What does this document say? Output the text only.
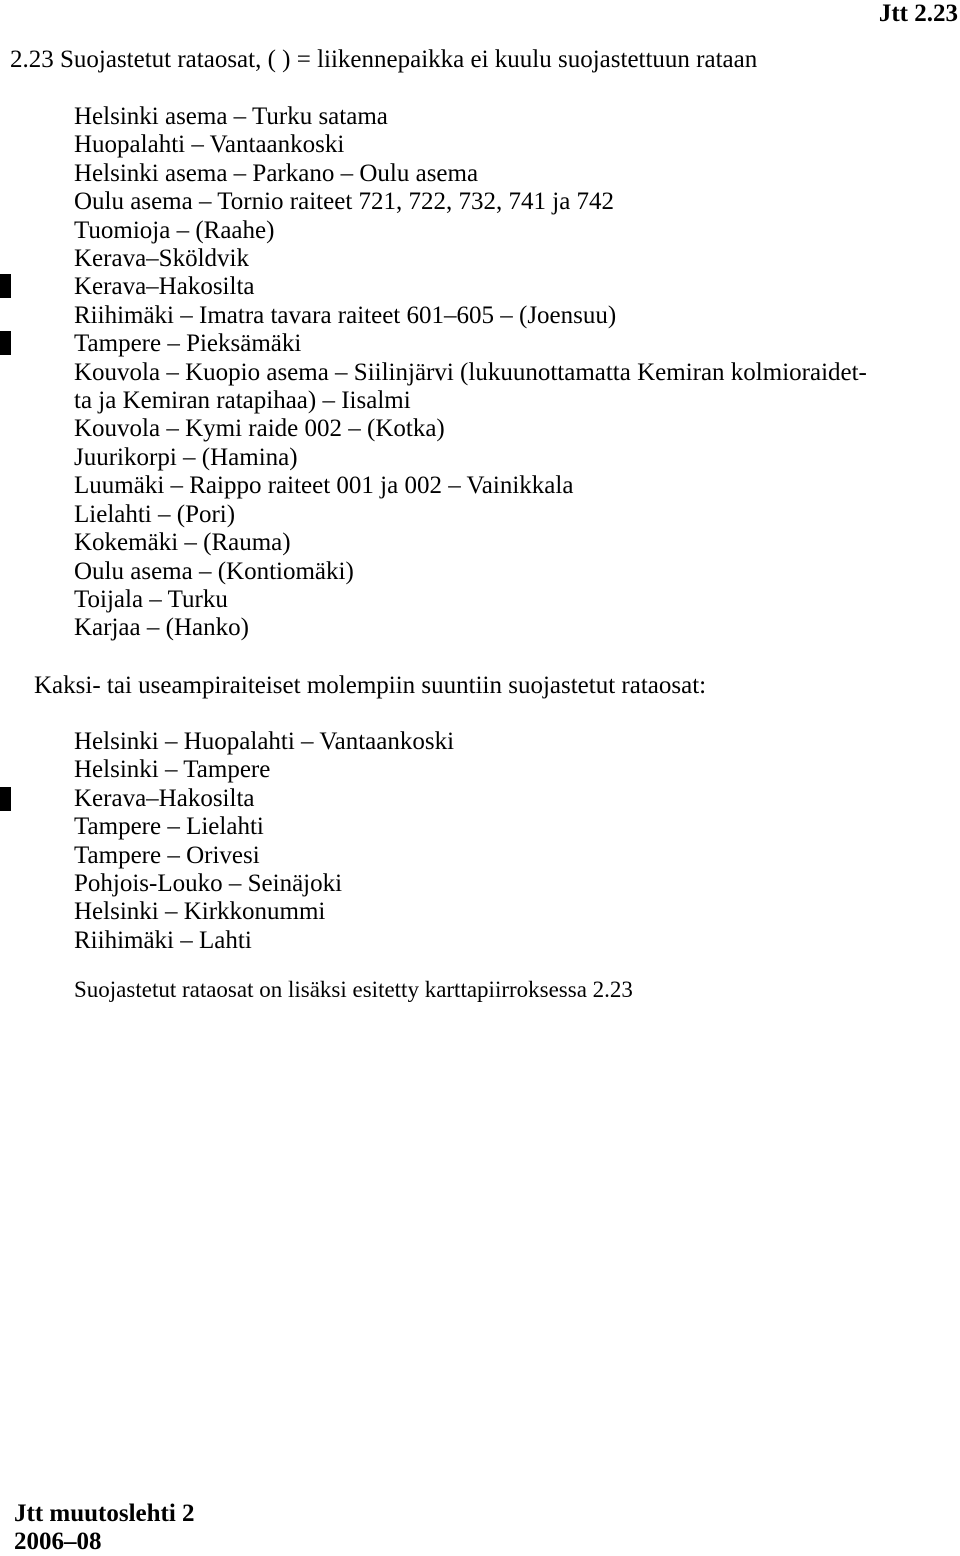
Jtt 2.23
2.23 Suojastetut rataosat, ( ) = liikennepaikka ei kuulu suojastettuun rataan
Helsinki asema – Turku satama
Huopalahti – Vantaankoski
Helsinki asema – Parkano – Oulu asema
Oulu asema – Tornio raiteet 721, 722, 732, 741 ja 742
Tuomioja – (Raahe)
Kerava–Sköldvik
Kerava–Hakosilta
Riihimäki – Imatra tavara raiteet 601–605 – (Joensuu)
Tampere – Pieksämäki
Kouvola – Kuopio asema – Siilinjärvi (lukuunottamatta Kemiran kolmioraidet-
ta ja Kemiran ratapihaa) – Iisalmi
Kouvola – Kymi raide 002 – (Kotka)
Juurikorpi – (Hamina)
Luumäki – Raippo raiteet 001 ja 002 – Vainikkala
Lielahti – (Pori)
Kokemäki – (Rauma)
Oulu asema – (Kontiomäki)
Toijala – Turku
Karjaa – (Hanko)
Kaksi- tai useampiraiteiset molempiin suuntiin suojastetut rataosat:
Helsinki – Huopalahti – Vantaankoski
Helsinki – Tampere
Kerava–Hakosilta
Tampere – Lielahti
Tampere – Orivesi
Pohjois-Louko – Seinäjoki
Helsinki – Kirkkonummi
Riihimäki – Lahti
Suojastetut rataosat on lisäksi esitetty karttapiirroksessa 2.23
Jtt muutoslehti 2
2006–08
